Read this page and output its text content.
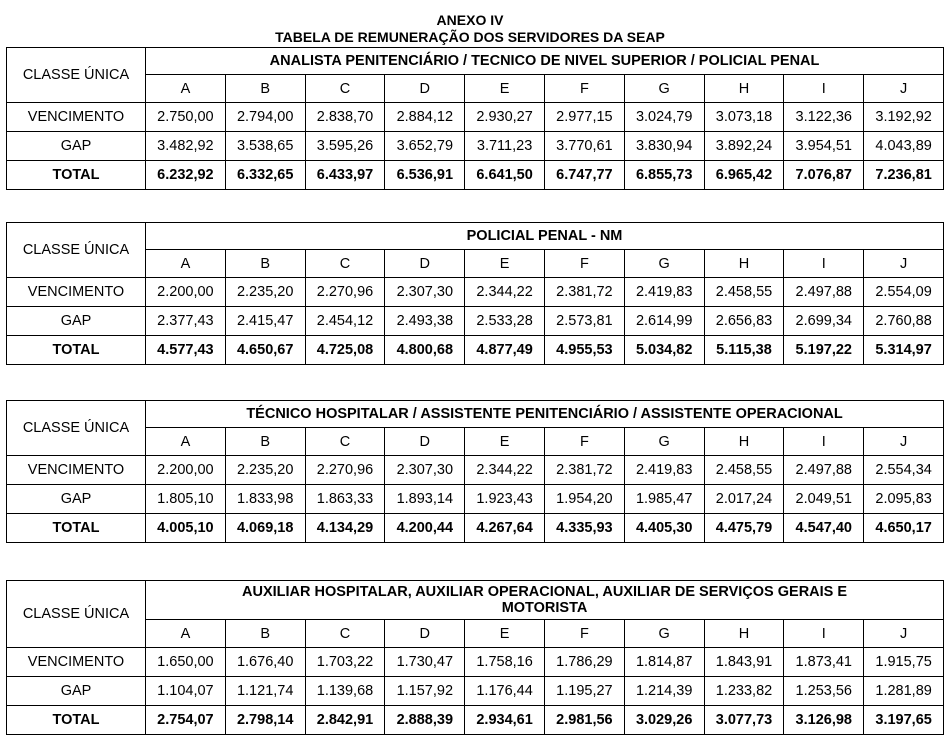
ANEXO IV
TABELA DE REMUNERAÇÃO DOS SERVIDORES DA SEAP
CLASSE ÚNICA	ANALISTA PENITENCIÁRIO / TECNICO DE NIVEL SUPERIOR / POLICIAL PENAL									
	A	B	C	D	E	F	G	H	I	J
VENCIMENTO	2.750,00	2.794,00	2.838,70	2.884,12	2.930,27	2.977,15	3.024,79	3.073,18	3.122,36	3.192,92
GAP	3.482,92	3.538,65	3.595,26	3.652,79	3.711,23	3.770,61	3.830,94	3.892,24	3.954,51	4.043,89
TOTAL	6.232,92	6.332,65	6.433,97	6.536,91	6.641,50	6.747,77	6.855,73	6.965,42	7.076,87	7.236,81
CLASSE ÚNICA	POLICIAL PENAL - NM									
	A	B	C	D	E	F	G	H	I	J
VENCIMENTO	2.200,00	2.235,20	2.270,96	2.307,30	2.344,22	2.381,72	2.419,83	2.458,55	2.497,88	2.554,09
GAP	2.377,43	2.415,47	2.454,12	2.493,38	2.533,28	2.573,81	2.614,99	2.656,83	2.699,34	2.760,88
TOTAL	4.577,43	4.650,67	4.725,08	4.800,68	4.877,49	4.955,53	5.034,82	5.115,38	5.197,22	5.314,97
CLASSE ÚNICA	TÉCNICO HOSPITALAR / ASSISTENTE PENITENCIÁRIO / ASSISTENTE OPERACIONAL									
	A	B	C	D	E	F	G	H	I	J
VENCIMENTO	2.200,00	2.235,20	2.270,96	2.307,30	2.344,22	2.381,72	2.419,83	2.458,55	2.497,88	2.554,34
GAP	1.805,10	1.833,98	1.863,33	1.893,14	1.923,43	1.954,20	1.985,47	2.017,24	2.049,51	2.095,83
TOTAL	4.005,10	4.069,18	4.134,29	4.200,44	4.267,64	4.335,93	4.405,30	4.475,79	4.547,40	4.650,17
CLASSE ÚNICA	AUXILIAR HOSPITALAR, AUXILIAR OPERACIONAL, AUXILIAR DE SERVIÇOS GERAIS E
MOTORISTA									

	A	B	C	D	E	F	G	H	I	J
VENCIMENTO	1.650,00	1.676,40	1.703,22	1.730,47	1.758,16	1.786,29	1.814,87	1.843,91	1.873,41	1.915,75
GAP	1.104,07	1.121,74	1.139,68	1.157,92	1.176,44	1.195,27	1.214,39	1.233,82	1.253,56	1.281,89
TOTAL	2.754,07	2.798,14	2.842,91	2.888,39	2.934,61	2.981,56	3.029,26	3.077,73	3.126,98	3.197,65
